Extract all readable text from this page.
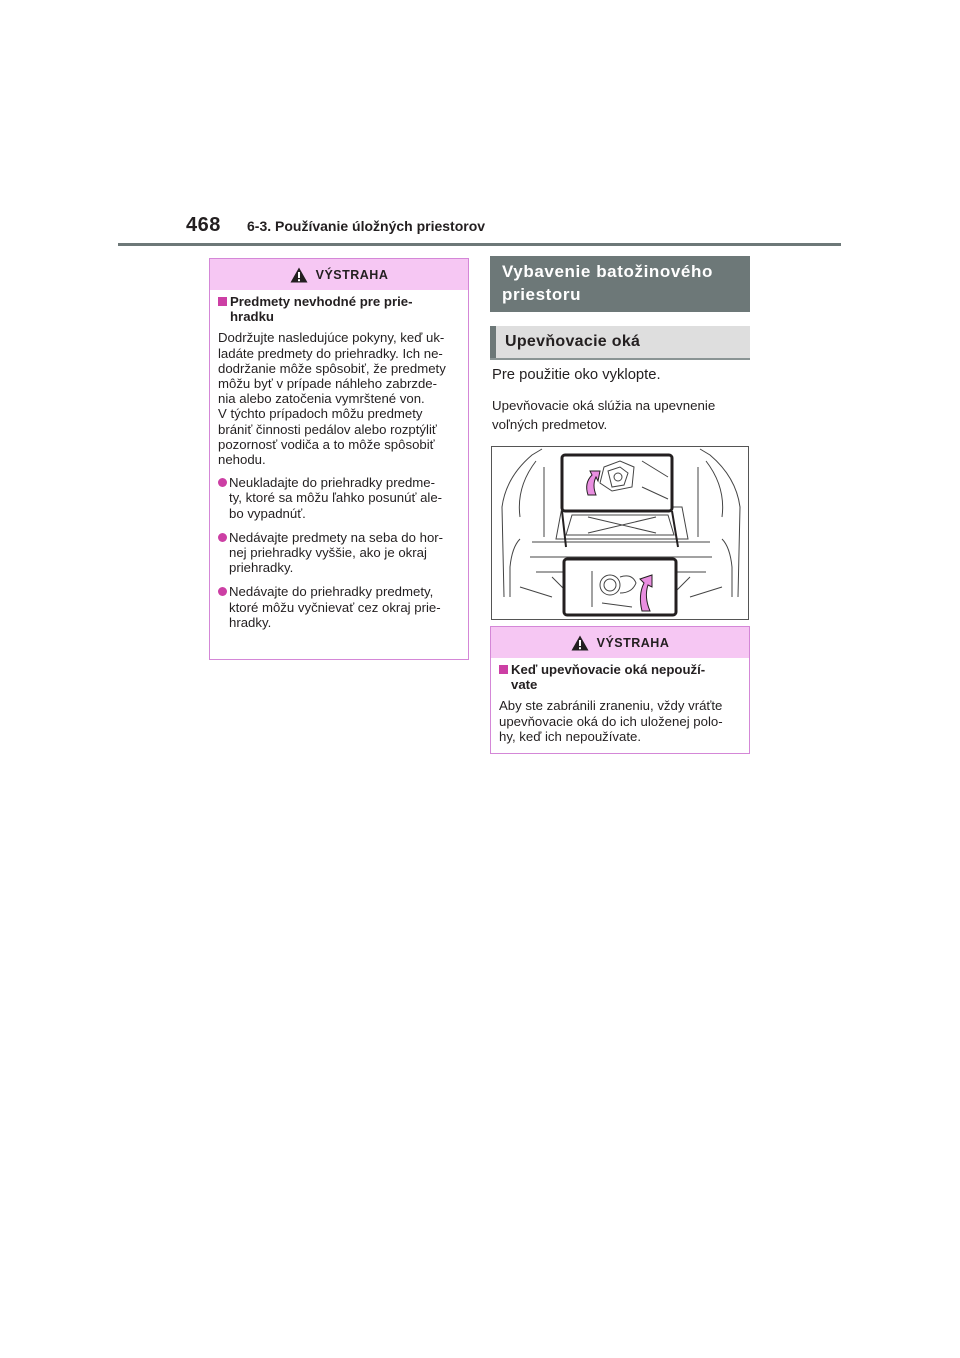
468 6-3. Používanie úložných priestorov
VÝSTRAHA
Predmety nevhodné pre prie-
hradku

Dodržujte nasledujúce pokyny, keď uk-
ladáte predmety do priehradky. Ich ne-
dodržanie môže spôsobiť, že predmety
môžu byť v prípade náhleho zabrzde-
nia alebo zatočenia vymrštené von.
V týchto prípadoch môžu predmety
brániť činnosti pedálov alebo rozptýliť
pozornosť vodiča a to môže spôsobiť
nehodu.

Neukladajte do priehradky predme-
ty, ktoré sa môžu ľahko posunúť ale-
bo vypadnúť.
Nedávajte predmety na seba do hor-
nej priehradky vyššie, ako je okraj
priehradky.
Nedávajte do priehradky predmety,
ktoré môžu vyčnievať cez okraj prie-
hradky.
Vybavenie batožinového
priestoru
Upevňovacie oká
Pre použitie oko vyklopte.
Upevňovacie oká slúžia na upevnenie
voľných predmetov.
VÝSTRAHA
Keď upevňovacie oká nepouží-
vate

Aby ste zabránili zraneniu, vždy vráťte
upevňovacie oká do ich uloženej polo-
hy, keď ich nepoužívate.
